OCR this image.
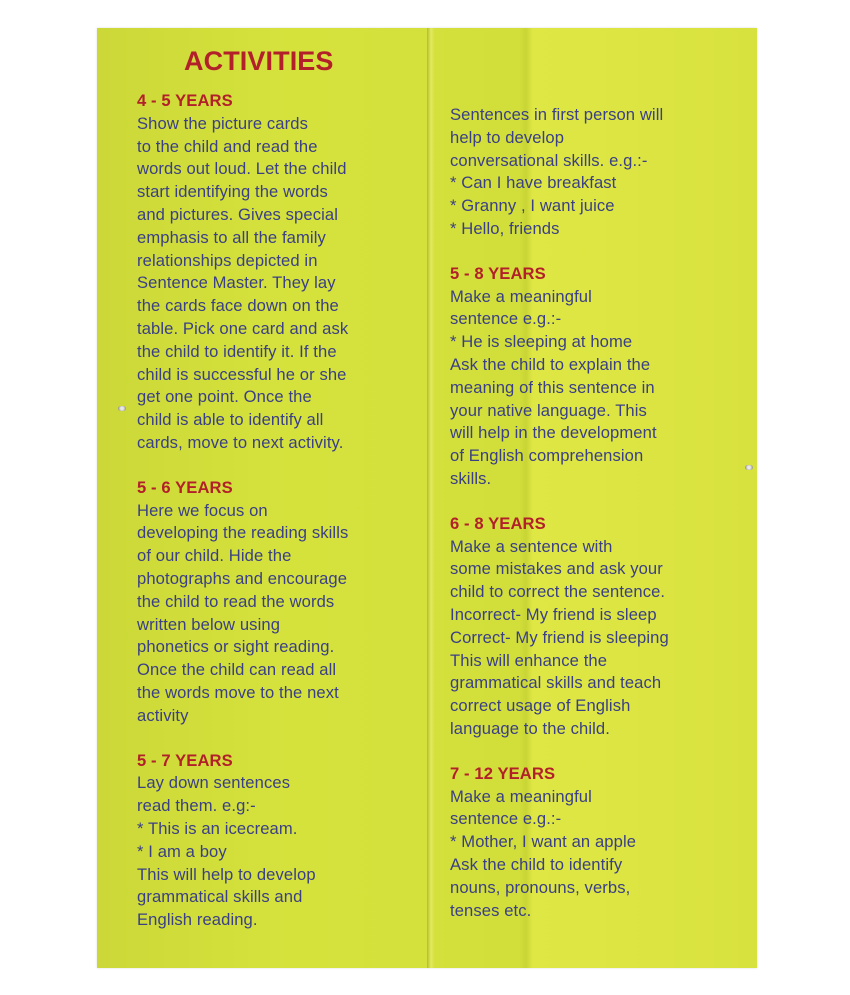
ACTIVITIES
4 - 5 YEARS
Show the picture cards
to the child and read the
words out loud. Let the child
start identifying the words
and pictures. Gives special
emphasis to all the family
relationships depicted in
Sentence Master. They lay
the cards face down on the
table. Pick one card and ask
the child to identify it. If the
child is successful he or she
get one point. Once the
child is able to identify all
cards, move to next activity.
5 - 6 YEARS
Here we focus on
developing the reading skills
of our child. Hide the
photographs and encourage
the child to read the words
written below using
phonetics or sight reading.
Once the child can read all
the words move to the next
activity
5 - 7 YEARS
Lay down sentences
read them. e.g:-
* This is an icecream.
* I am a boy
This will help to develop
grammatical skills and
English reading.
Sentences in first person will
help to develop
conversational skills. e.g.:-
* Can I have breakfast
* Granny , I want juice
* Hello, friends
5 - 8 YEARS
Make a meaningful
sentence e.g.:-
* He is sleeping at home
Ask the child to explain the
meaning of this sentence in
your native language. This
will help in the development
of English comprehension
skills.
6 - 8 YEARS
Make a sentence with
some mistakes and ask your
child to correct the sentence.
Incorrect- My friend is sleep
Correct- My friend is sleeping
This will enhance the
grammatical skills and teach
correct usage of English
language to the child.
7 - 12 YEARS
Make a meaningful
sentence e.g.:-
* Mother, I want an apple
Ask the child to identify
nouns, pronouns, verbs,
tenses etc.
